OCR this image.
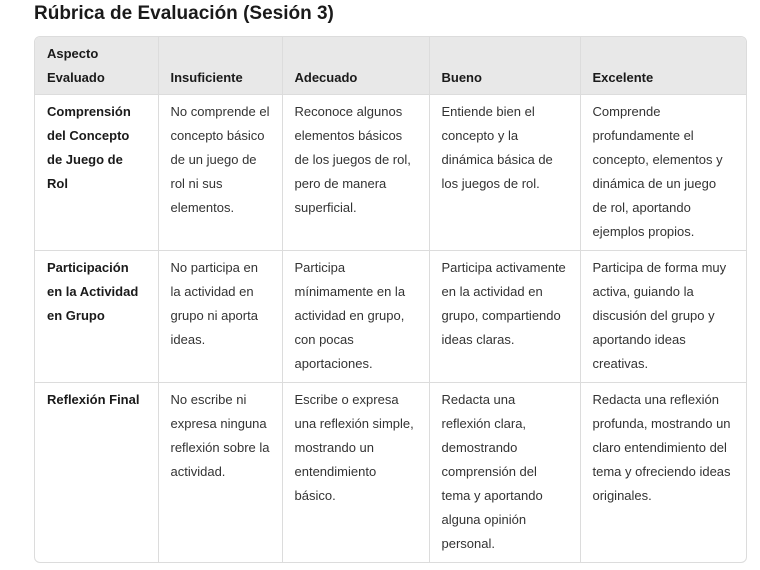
Rúbrica de Evaluación (Sesión 3)
Aspecto Evaluado	Insuficiente	Adecuado	Bueno	Excelente
Comprensión del Concepto de Juego de Rol	No comprende el concepto básico de un juego de rol ni sus elementos.	Reconoce algunos elementos básicos de los juegos de rol, pero de manera superficial.	Entiende bien el concepto y la dinámica básica de los juegos de rol.	Comprende profundamente el concepto, elementos y dinámica de un juego de rol, aportando ejemplos propios.
Participación en la Actividad en Grupo	No participa en la actividad en grupo ni aporta ideas.	Participa mínimamente en la actividad en grupo, con pocas aportaciones.	Participa activamente en la actividad en grupo, compartiendo ideas claras.	Participa de forma muy activa, guiando la discusión del grupo y aportando ideas creativas.
Reflexión Final	No escribe ni expresa ninguna reflexión sobre la actividad.	Escribe o expresa una reflexión simple, mostrando un entendimiento básico.	Redacta una reflexión clara, demostrando comprensión del tema y aportando alguna opinión personal.	Redacta una reflexión profunda, mostrando un claro entendimiento del tema y ofreciendo ideas originales.
